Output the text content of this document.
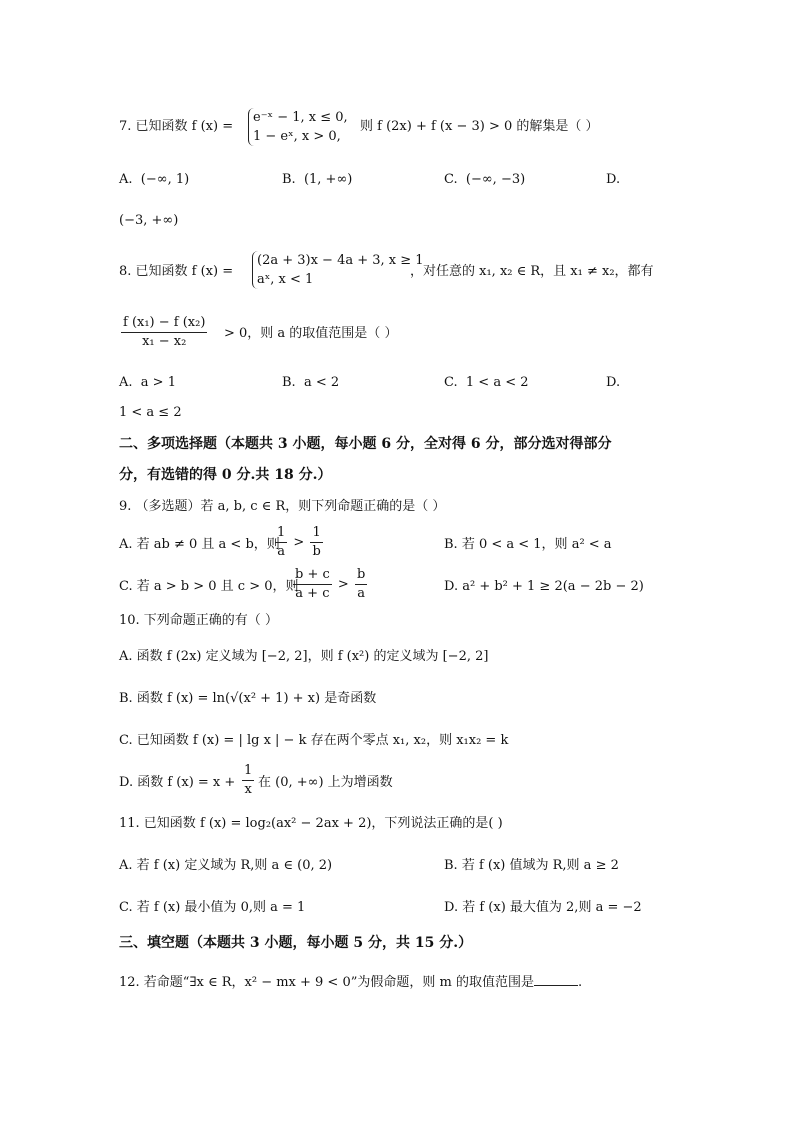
7. 已知函数 f (x) =
e⁻ˣ − 1, x ≤ 0,
1 − eˣ, x > 0,
则 f (2x) + f (x − 3) > 0 的解集是（ ）
A. (−∞, 1)	B. (1, +∞)	C. (−∞, −3)	D.
(−3, +∞)
8. 已知函数 f (x) =
(2a + 3)x − 4a + 3, x ≥ 1
aˣ, x < 1
，对任意的 x₁, x₂ ∈ R，且 x₁ ≠ x₂，都有
$\frac{\text{f (x₁) − f (x₂)}}{\text{x₁ − x₂}} > 0$，则 a 的取值范围是（ ）
A. a > 1	B. a < 2	C. 1 < a < 2	D.
1 < a ≤ 2
二、多项选择题（本题共 3 小题，每小题 6 分，全对得 6 分，部分选对得部分
分，有选错的得 0 分.共 18 分.）
9. （多选题）若 a, b, c ∈ R，则下列命题正确的是（ ）
A. 若 ab ≠ 0 且 a < b，则
$\frac{1}{a} > \frac{1}{b}$	B. 若 0 < a < 1，则 a² < a
C. 若 a > b > 0 且 c > 0，则
$\frac{b + c}{a + c} > \frac{b}{a}$	D. a² + b² + 1 ≥ 2(a − 2b − 2)
10. 下列命题正确的有（ ）
A. 函数 f (2x) 定义域为 [−2, 2]，则 f (x²) 的定义域为 [−2, 2]
B. 函数 f (x) = ln(√(x² + 1) + x) 是奇函数
C. 已知函数 f (x) = | lg x | − k 存在两个零点 x₁, x₂，则 x₁x₂ = k
D. 函数 f $(x) = x + \frac{1}{x}$ 在 (0, +∞) 上为增函数
11. 已知函数 f (x) = log₂(ax² − 2ax + 2)，下列说法正确的是( )
A. 若 f (x) 定义域为 R,则 a ∈ (0, 2)	B. 若 f (x) 值域为 R,则 a ≥ 2
C. 若 f (x) 最小值为 0,则 a = 1	D. 若 f (x) 最大值为 2,则 a = −2
三、填空题（本题共 3 小题，每小题 5 分，共 15 分.）
12. 若命题“∃x ∈ R，x² − mx + 9 < 0”为假命题，则 m 的取值范围是	.
